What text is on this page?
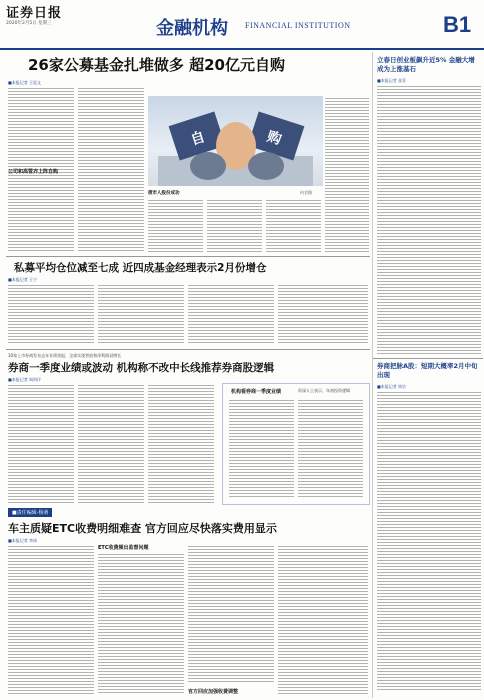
证券日报
2020年2月5日 星期三	金融机构 FINANCIAL INSTITUTION	B1
26家公募基金扎堆做多 超20亿元自购
■本报记者 王思文
公司和高管齐上阵自购
自	购
债市人股份成功	何君摄
私募平均仓位减至七成 近四成基金经理表示2月份增仓
■本报记者 王宁
10家上市券商发布去年业绩快报，全部实现营收和净利润双增长
券商一季度业绩或波动 机构称不改中长线推荐券商股逻辑
■本报记者 周尚伃
机构看券商一季度业绩	资深人士表示，年初投资逻辑
■责任编辑·杨萌
车主质疑ETC收费明细难查 官方回应尽快落实费用显示
■本报记者 李冰
ETC收费频出监督问题
官方回应加强收费调整
立春日创业板飙升近5% 金融大增成为上涨基石
■本报记者 张菲
券商把脉A股：短期大概率2月中旬出现
■本报记者 周宗
